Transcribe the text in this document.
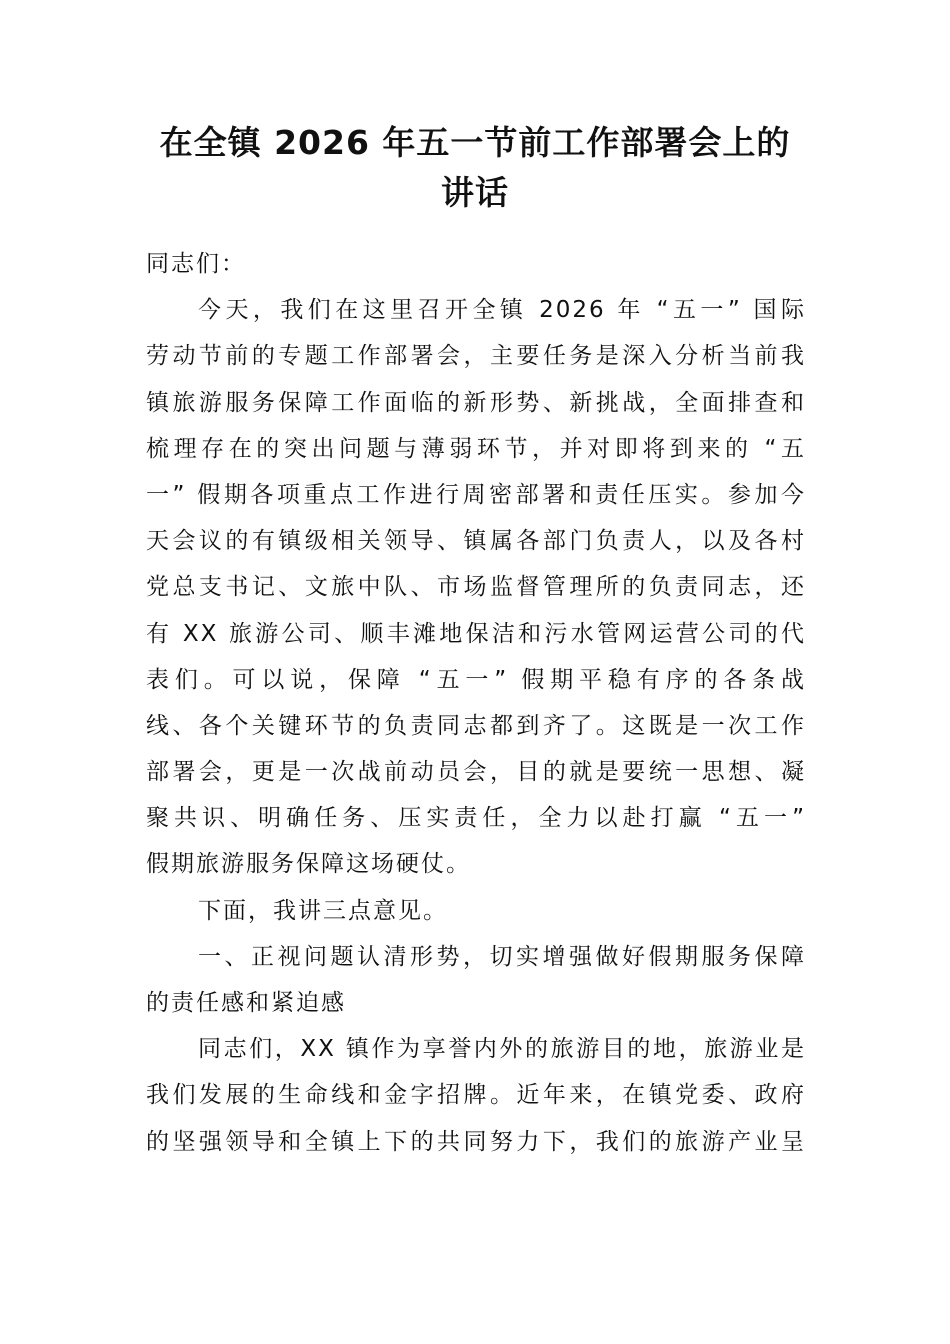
在全镇 2026 年五一节前工作部署会上的
讲话
同志们：
今天，我们在这里召开全镇 2026 年 “五一” 国际
劳动节前的专题工作部署会，主要任务是深入分析当前我
镇旅游服务保障工作面临的新形势、新挑战，全面排查和
梳理存在的突出问题与薄弱环节，并对即将到来的 “五
一” 假期各项重点工作进行周密部署和责任压实。参加今
天会议的有镇级相关领导、镇属各部门负责人，以及各村
党总支书记、文旅中队、市场监督管理所的负责同志，还
有 XX 旅游公司、顺丰滩地保洁和污水管网运营公司的代
表们。可以说，保障 “五一” 假期平稳有序的各条战
线、各个关键环节的负责同志都到齐了。这既是一次工作
部署会，更是一次战前动员会，目的就是要统一思想、凝
聚共识、明确任务、压实责任，全力以赴打赢 “五一”
假期旅游服务保障这场硬仗。
下面，我讲三点意见。
一、正视问题认清形势，切实增强做好假期服务保障
的责任感和紧迫感
同志们，XX 镇作为享誉内外的旅游目的地，旅游业是
我们发展的生命线和金字招牌。近年来，在镇党委、政府
的坚强领导和全镇上下的共同努力下，我们的旅游产业呈
